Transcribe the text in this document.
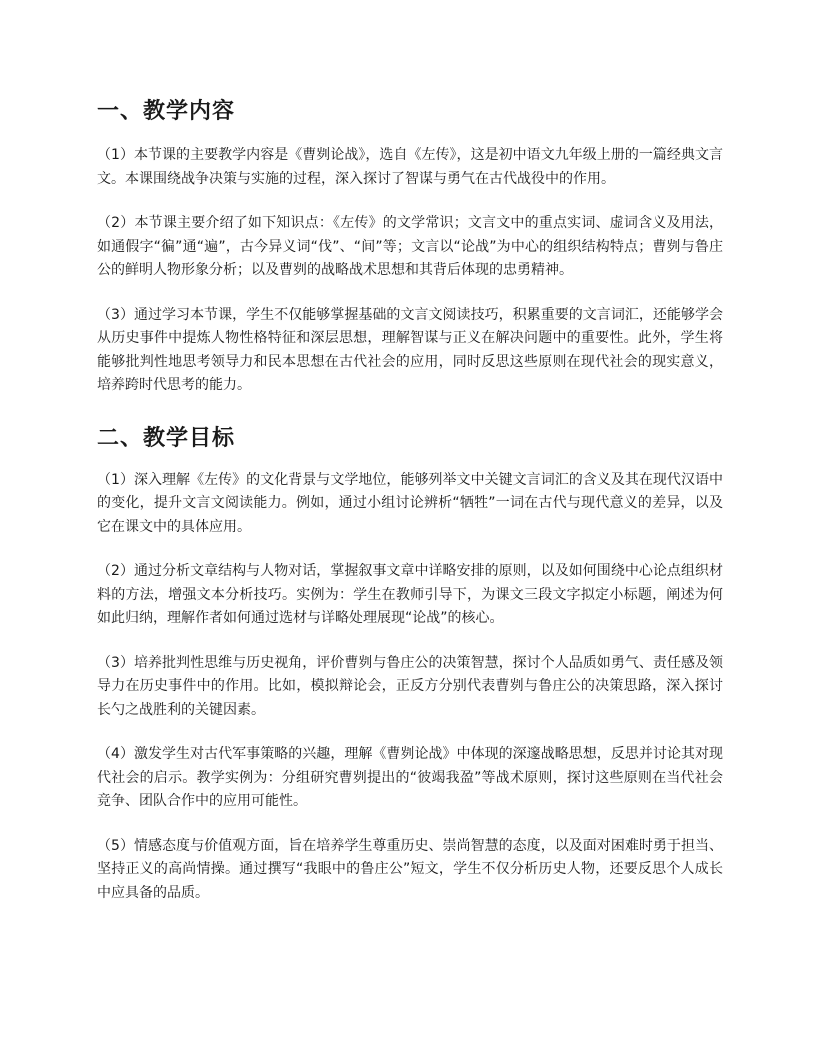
一、教学内容

（1）本节课的主要教学内容是《曹刿论战》，选自《左传》，这是初中语文九年级上册的一篇经典文言文。本课围绕战争决策与实施的过程，深入探讨了智谋与勇气在古代战役中的作用。

（2）本节课主要介绍了如下知识点：《左传》的文学常识；文言文中的重点实词、虚词含义及用法，如通假字“徧”通“遍”，古今异义词“伐”、“间”等；文言以“论战”为中心的组织结构特点；曹刿与鲁庄公的鲜明人物形象分析；以及曹刿的战略战术思想和其背后体现的忠勇精神。

（3）通过学习本节课，学生不仅能够掌握基础的文言文阅读技巧，积累重要的文言词汇，还能够学会从历史事件中提炼人物性格特征和深层思想，理解智谋与正义在解决问题中的重要性。此外，学生将能够批判性地思考领导力和民本思想在古代社会的应用，同时反思这些原则在现代社会的现实意义，培养跨时代思考的能力。

二、教学目标

（1）深入理解《左传》的文化背景与文学地位，能够列举文中关键文言词汇的含义及其在现代汉语中的变化，提升文言文阅读能力。例如，通过小组讨论辨析“牺牲”一词在古代与现代意义的差异，以及它在课文中的具体应用。

（2）通过分析文章结构与人物对话，掌握叙事文章中详略安排的原则，以及如何围绕中心论点组织材料的方法，增强文本分析技巧。实例为：学生在教师引导下，为课文三段文字拟定小标题，阐述为何如此归纳，理解作者如何通过选材与详略处理展现“论战”的核心。

（3）培养批判性思维与历史视角，评价曹刿与鲁庄公的决策智慧，探讨个人品质如勇气、责任感及领导力在历史事件中的作用。比如，模拟辩论会，正反方分别代表曹刿与鲁庄公的决策思路，深入探讨长勺之战胜利的关键因素。

（4）激发学生对古代军事策略的兴趣，理解《曹刿论战》中体现的深邃战略思想，反思并讨论其对现代社会的启示。教学实例为：分组研究曹刿提出的“彼竭我盈”等战术原则，探讨这些原则在当代社会竞争、团队合作中的应用可能性。

（5）情感态度与价值观方面，旨在培养学生尊重历史、崇尚智慧的态度，以及面对困难时勇于担当、坚持正义的高尚情操。通过撰写“我眼中的鲁庄公”短文，学生不仅分析历史人物，还要反思个人成长中应具备的品质。
